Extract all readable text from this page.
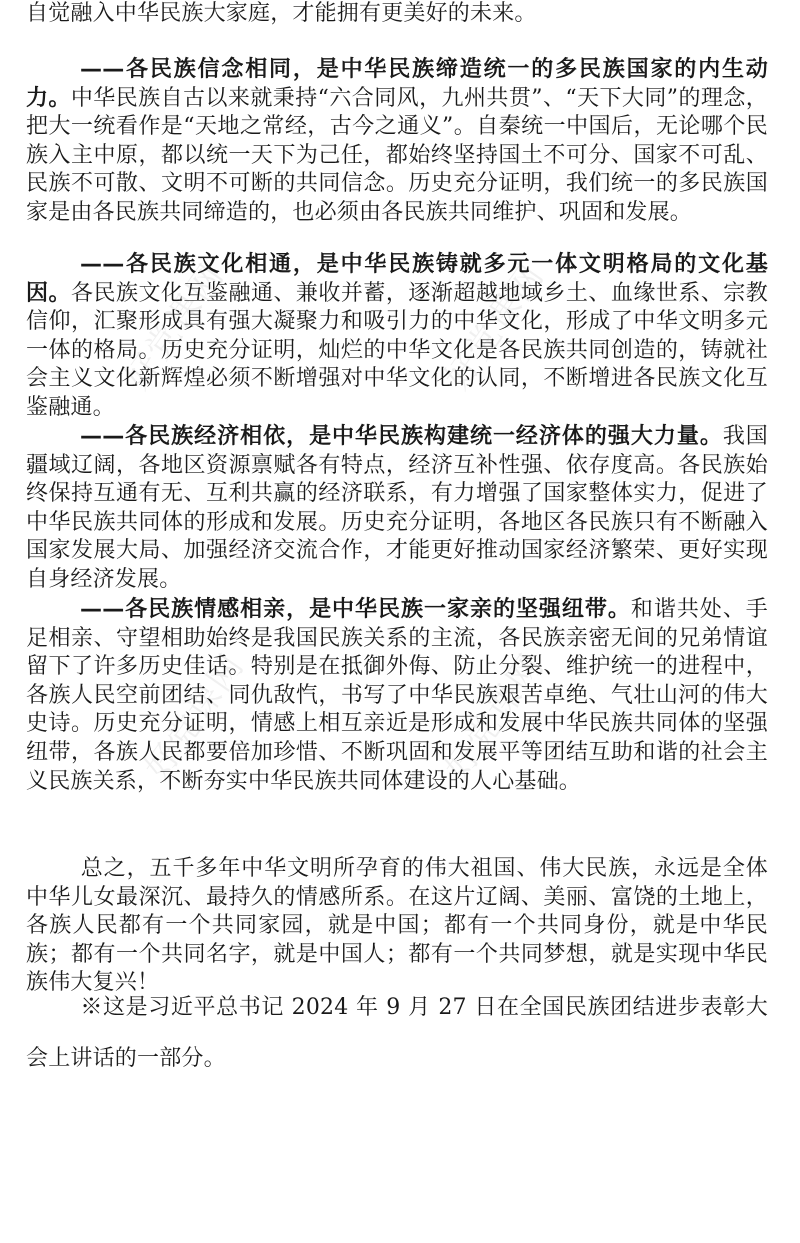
自觉融入中华民族大家庭，才能拥有更美好的未来。
——各民族信念相同，是中华民族缔造统一的多民族国家的内生动力。中华民族自古以来就秉持“六合同风，九州共贯”、“天下大同”的理念，把大一统看作是“天地之常经，古今之通义”。自秦统一中国后，无论哪个民族入主中原，都以统一天下为己任，都始终坚持国土不可分、国家不可乱、民族不可散、文明不可断的共同信念。历史充分证明，我们统一的多民族国家是由各民族共同缔造的，也必须由各民族共同维护、巩固和发展。
——各民族文化相通，是中华民族铸就多元一体文明格局的文化基因。各民族文化互鉴融通、兼收并蓄，逐渐超越地域乡土、血缘世系、宗教信仰，汇聚形成具有强大凝聚力和吸引力的中华文化，形成了中华文明多元一体的格局。历史充分证明，灿烂的中华文化是各民族共同创造的，铸就社会主义文化新辉煌必须不断增强对中华文化的认同，不断增进各民族文化互鉴融通。
——各民族经济相依，是中华民族构建统一经济体的强大力量。我国疆域辽阔，各地区资源禀赋各有特点，经济互补性强、依存度高。各民族始终保持互通有无、互利共赢的经济联系，有力增强了国家整体实力，促进了中华民族共同体的形成和发展。历史充分证明，各地区各民族只有不断融入国家发展大局、加强经济交流合作，才能更好推动国家经济繁荣、更好实现自身经济发展。
——各民族情感相亲，是中华民族一家亲的坚强纽带。和谐共处、手足相亲、守望相助始终是我国民族关系的主流，各民族亲密无间的兄弟情谊留下了许多历史佳话。特别是在抵御外侮、防止分裂、维护统一的进程中，各族人民空前团结、同仇敌忾，书写了中华民族艰苦卓绝、气壮山河的伟大史诗。历史充分证明，情感上相互亲近是形成和发展中华民族共同体的坚强纽带，各族人民都要倍加珍惜、不断巩固和发展平等团结互助和谐的社会主义民族关系，不断夯实中华民族共同体建设的人心基础。
总之，五千多年中华文明所孕育的伟大祖国、伟大民族，永远是全体中华儿女最深沉、最持久的情感所系。在这片辽阔、美丽、富饶的土地上，各族人民都有一个共同家园，就是中国；都有一个共同身份，就是中华民族；都有一个共同名字，就是中国人；都有一个共同梦想，就是实现中华民族伟大复兴！
※这是习近平总书记 2024 年 9 月 27 日在全国民族团结进步表彰大会上讲话的一部分。
好党课网	好党课网
好党课网	好党课网
